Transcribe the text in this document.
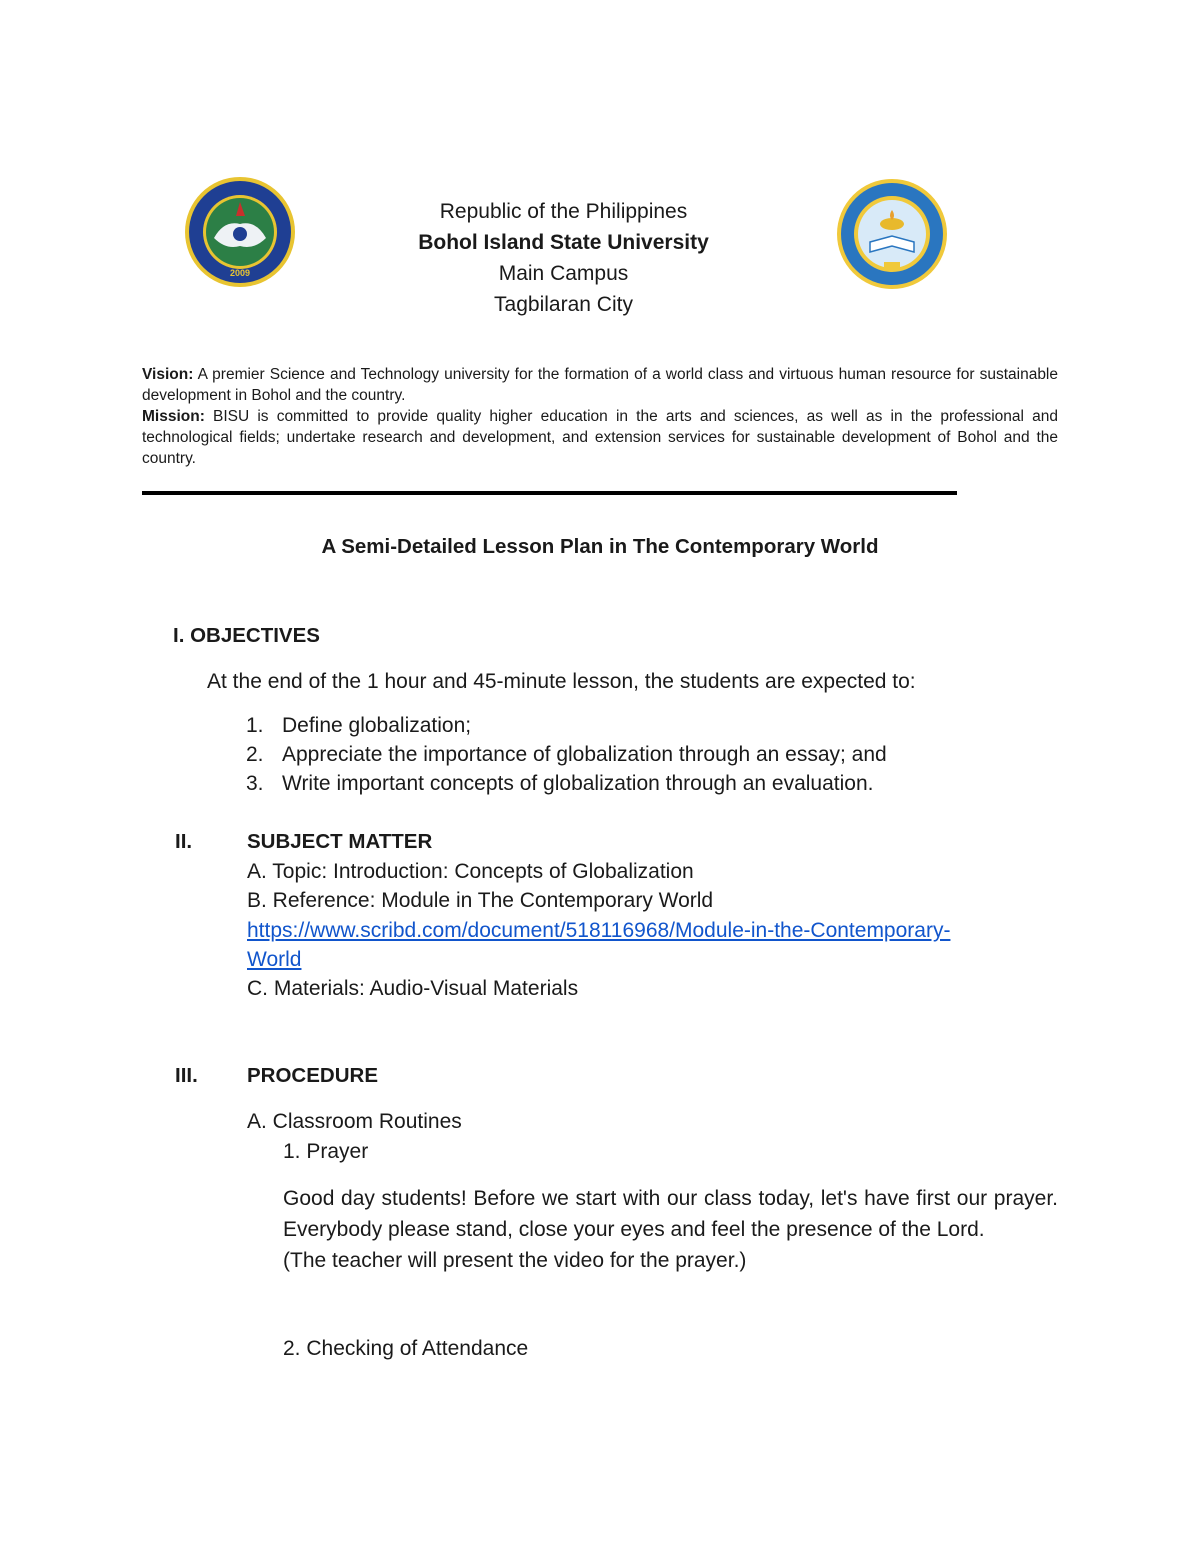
2009
Republic of the Philippines
Bohol Island State University
Main Campus
Tagbilaran City

Vision: A premier Science and Technology university for the formation of a world class and virtuous human resource for sustainable development in Bohol and the country.

Mission: BISU is committed to provide quality higher education in the arts and sciences, as well as in the professional and technological fields; undertake research and development, and extension services for sustainable development of Bohol and the country.

A Semi-Detailed Lesson Plan in The Contemporary World
I. OBJECTIVES
At the end of the 1 hour and 45-minute lesson, the students are expected to:
1. Define globalization;
2. Appreciate the importance of globalization through an essay; and
3. Write important concepts of globalization through an evaluation.
II.	SUBJECT MATTER
A. Topic: Introduction: Concepts of Globalization
B. Reference: Module in The Contemporary World
https://www.scribd.com/document/518116968/Module-in-the-Contemporary-
World
C. Materials: Audio-Visual Materials
III. PROCEDURE
A. Classroom Routines
1. Prayer

Good day students! Before we start with our class today, let's have first our prayer. Everybody please stand, close your eyes and feel the presence of the Lord.

(The teacher will present the video for the prayer.)

2. Checking of Attendance
